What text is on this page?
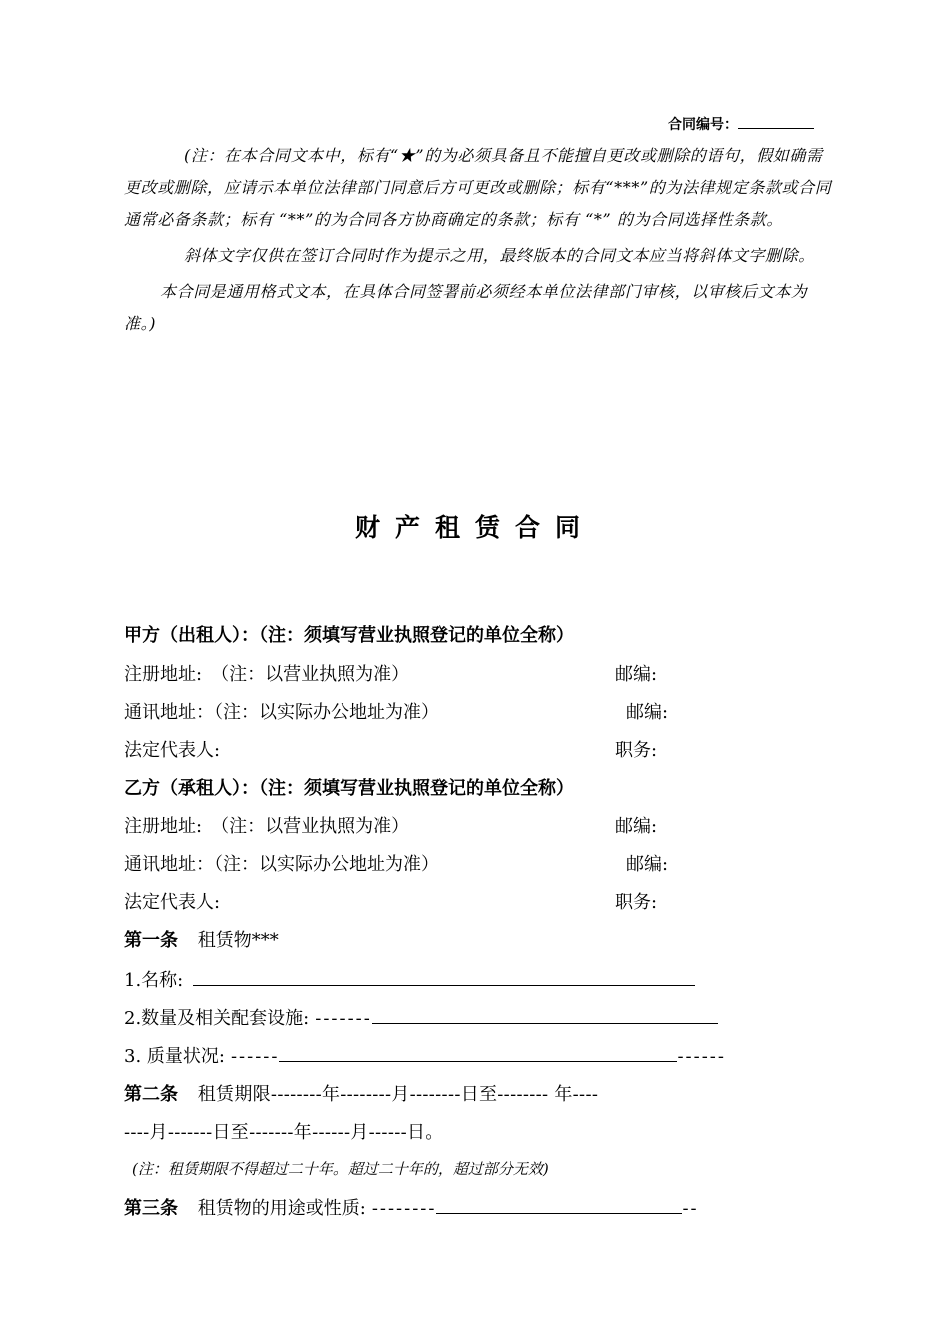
合同编号：

(注：在本合同文本中，标有“★”的为必须具备且不能擅自更改或删除的语句，假如确需更改或删除，应请示本单位法律部门同意后方可更改或删除；标有“***”的为法律规定条款或合同通常必备条款；标有 “**”的为合同各方协商确定的条款；标有 “*” 的为合同选择性条款。

斜体文字仅供在签订合同时作为提示之用，最终版本的合同文本应当将斜体文字删除。

本合同是通用格式文本，在具体合同签署前必须经本单位法律部门审核，以审核后文本为准。)

财产租赁合同
甲方（出租人）：（注：须填写营业执照登记的单位全称）
注册地址:　（注：以营业执照为准）	邮编:
通讯地址：（注：以实际办公地址为准）	邮编:
法定代表人:	职务:
乙方（承租人）：（注：须填写营业执照登记的单位全称）
注册地址:　（注：以营业执照为准）	邮编:
通讯地址：（注：以实际办公地址为准）	邮编:
法定代表人:	职务:
第一条 租赁物***
1.名称:
2.数量及相关配套设施: -------
3. 质量状况: ------	------
第二条 租赁期限--------年--------月--------日至-------- 年----
----月-------日至-------年------月------日。
(注：租赁期限不得超过二十年。超过二十年的，超过部分无效)
第三条 租赁物的用途或性质: --------	--
